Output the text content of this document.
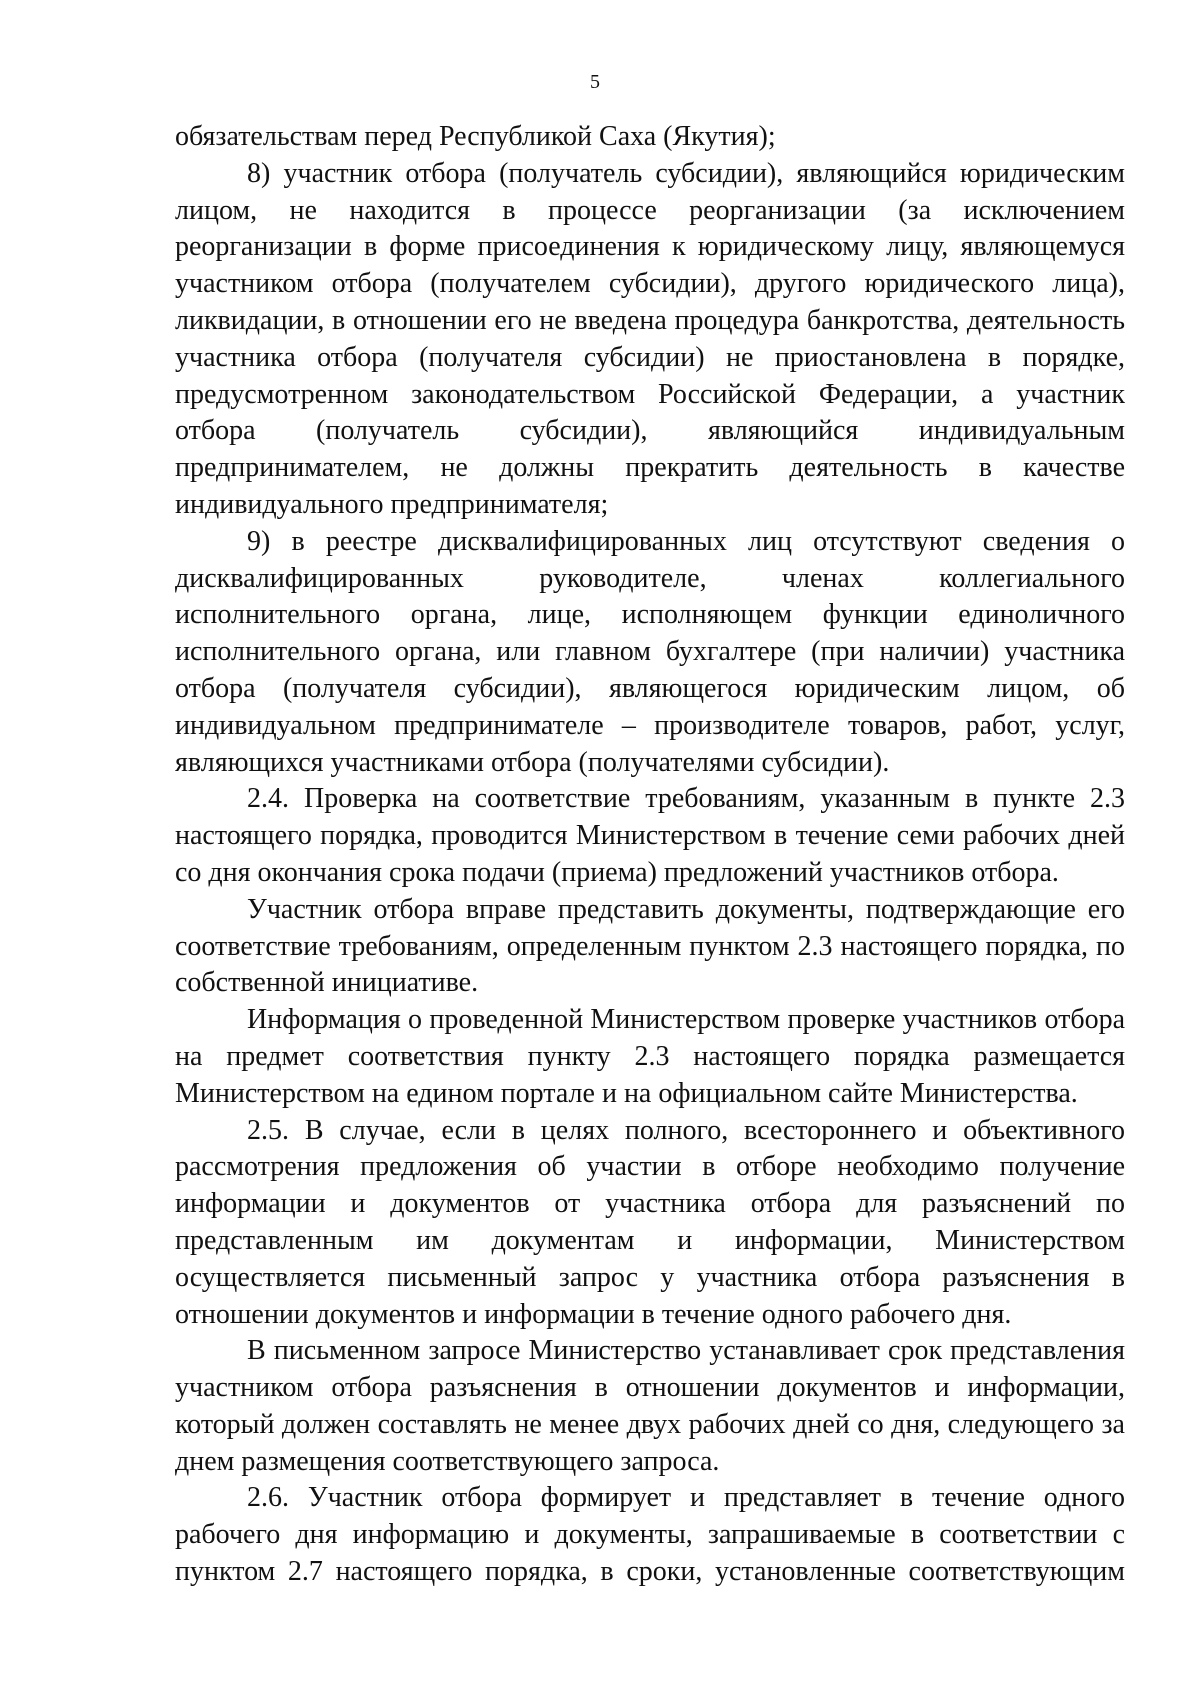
5

обязательствам перед Республикой Саха (Якутия);

8) участник отбора (получатель субсидии), являющийся юридическим лицом, не находится в процессе реорганизации (за исключением реорганизации в форме присоединения к юридическому лицу, являющемуся участником отбора (получателем субсидии), другого юридического лица), ликвидации, в отношении его не введена процедура банкротства, деятельность участника отбора (получателя субсидии) не приостановлена в порядке, предусмотренном законодательством Российской Федерации, а участник отбора (получатель субсидии), являющийся индивидуальным предпринимателем, не должны прекратить деятельность в качестве индивидуального предпринимателя;

9) в реестре дисквалифицированных лиц отсутствуют сведения о дисквалифицированных руководителе, членах коллегиального исполнительного органа, лице, исполняющем функции единоличного исполнительного органа, или главном бухгалтере (при наличии) участника отбора (получателя субсидии), являющегося юридическим лицом, об индивидуальном предпринимателе – производителе товаров, работ, услуг, являющихся участниками отбора (получателями субсидии).

2.4. Проверка на соответствие требованиям, указанным в пункте 2.3 настоящего порядка, проводится Министерством в течение семи рабочих дней со дня окончания срока подачи (приема) предложений участников отбора.

Участник отбора вправе представить документы, подтверждающие его соответствие требованиям, определенным пунктом 2.3 настоящего порядка, по собственной инициативе.

Информация о проведенной Министерством проверке участников отбора на предмет соответствия пункту 2.3 настоящего порядка размещается Министерством на едином портале и на официальном сайте Министерства.

2.5. В случае, если в целях полного, всестороннего и объективного рассмотрения предложения об участии в отборе необходимо получение информации и документов от участника отбора для разъяснений по представленным им документам и информации, Министерством осуществляется письменный запрос у участника отбора разъяснения в отношении документов и информации в течение одного рабочего дня.

В письменном запросе Министерство устанавливает срок представления участником отбора разъяснения в отношении документов и информации, который должен составлять не менее двух рабочих дней со дня, следующего за днем размещения соответствующего запроса.

2.6. Участник отбора формирует и представляет в течение одного рабочего дня информацию и документы, запрашиваемые в соответствии с пунктом 2.7 настоящего порядка, в сроки, установленные соответствующим
